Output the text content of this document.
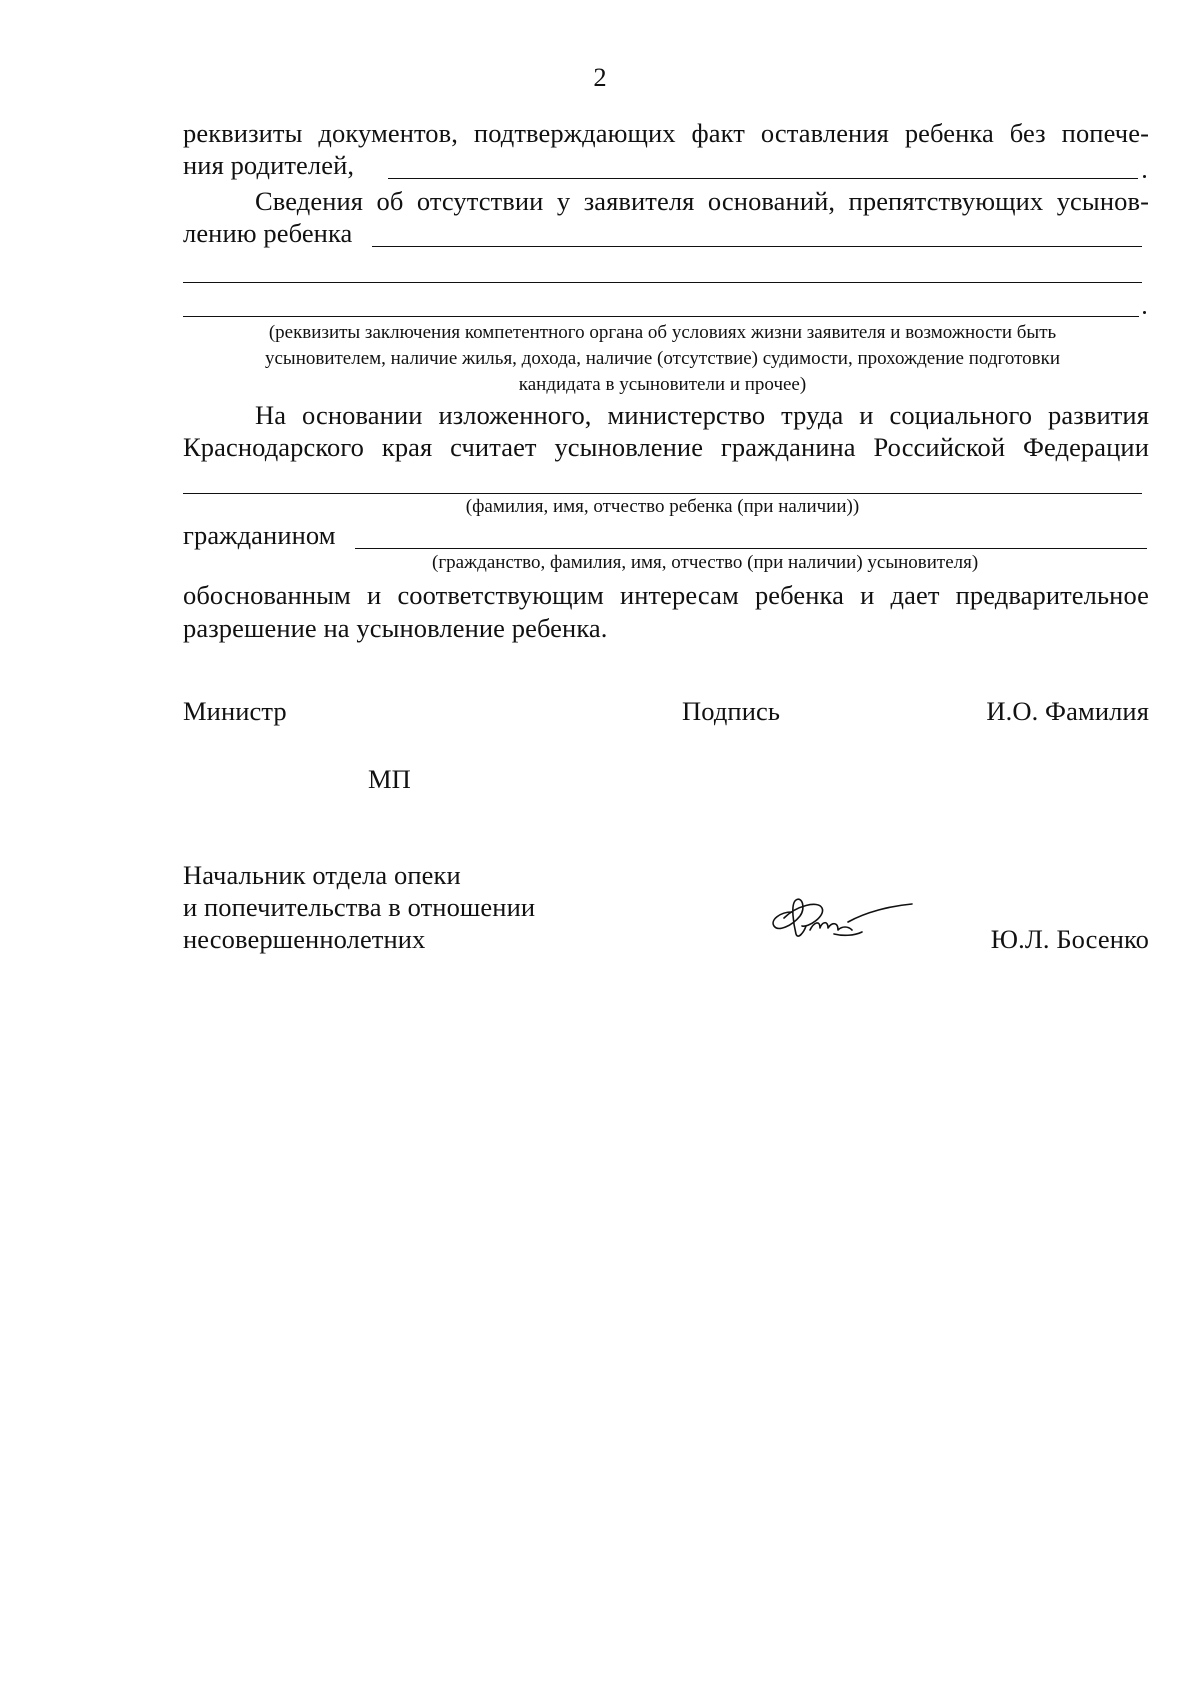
2
реквизиты документов, подтверждающих факт оставления ребенка без попече-
ния родителей,
Сведения об отсутствии у заявителя оснований, препятствующих усынов-
лению ребенка
(реквизиты заключения компетентного органа об условиях жизни заявителя и возможности быть
усыновителем, наличие жилья, дохода, наличие (отсутствие) судимости, прохождение подготовки
кандидата в усыновители и прочее)
На основании изложенного, министерство труда и социального развития
Краснодарского края считает усыновление гражданина Российской Федерации
(фамилия, имя, отчество ребенка (при наличии))
гражданином
(гражданство, фамилия, имя, отчество (при наличии) усыновителя)
обоснованным и соответствующим интересам ребенка и дает предварительное
разрешение на усыновление ребенка.
Министр	Подпись	И.О. Фамилия
МП
Начальник отдела опеки
и попечительства в отношении
несовершеннолетних	Ю.Л. Босенко
